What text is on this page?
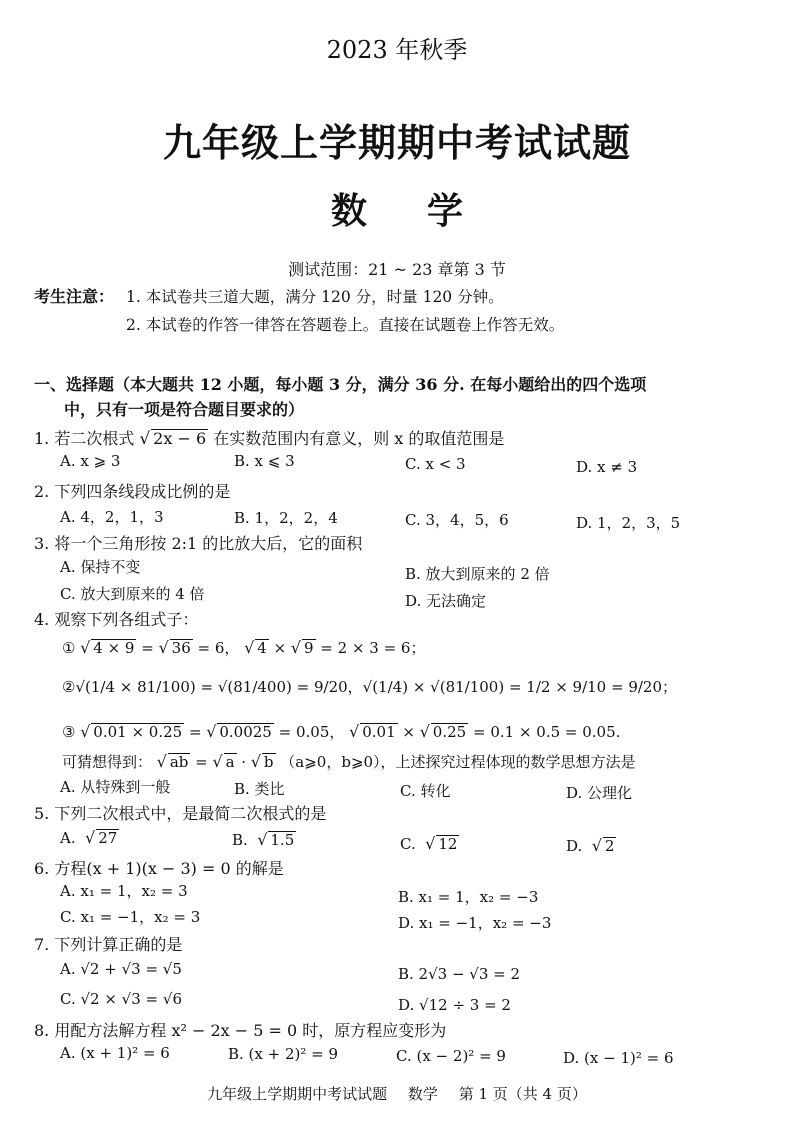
2023 年秋季
九年级上学期期中考试试题
数学
测试范围：21 ~ 23 章第 3 节
考生注意： 1. 本试卷共三道大题，满分 120 分，时量 120 分钟。
2. 本试卷的作答一律答在答题卷上。直接在试题卷上作答无效。
一、选择题（本大题共 12 小题，每小题 3 分，满分 36 分. 在每小题给出的四个选项
中，只有一项是符合题目要求的）
1. 若二次根式 √ 2x − 6 在实数范围内有意义，则 x 的取值范围是
A. x ⩾ 3	B. x ⩽ 3	C. x < 3	D. x ≠ 3
2. 下列四条线段成比例的是
A. 4，2，1，3	B. 1，2，2，4	C. 3，4，5，6	D. 1，2，3，5
3. 将一个三角形按 2:1 的比放大后，它的面积
A. 保持不变	B. 放大到原来的 2 倍
C. 放大到原来的 4 倍	D. 无法确定
4. 观察下列各组式子：
① √ 4 × 9 = √ 36 = 6， √ 4 × √ 9 = 2 × 3 = 6；
②√(1/4 × 81/100) = √(81/400) = 9/20，√(1/4) × √(81/100) = 1/2 × 9/10 = 9/20；
③ √ 0.01 × 0.25 = √ 0.0025 = 0.05， √ 0.01 × √ 0.25 = 0.1 × 0.5 = 0.05.
可猜想得到： √ ab = √ a · √ b （a⩾0，b⩾0），上述探究过程体现的数学思想方法是
A. 从特殊到一般	B. 类比	C. 转化	D. 公理化
5. 下列二次根式中，是最简二次根式的是
A. √ 27	B. √ 1.5	C. √ 12	D. √ 2
6. 方程(x + 1)(x − 3) = 0 的解是
A. x₁ = 1，x₂ = 3	B. x₁ = 1，x₂ = −3
C. x₁ = −1，x₂ = 3	D. x₁ = −1，x₂ = −3
7. 下列计算正确的是
A. √2 + √3 = √5	B. 2√3 − √3 = 2
C. √2 × √3 = √6	D. √12 ÷ 3 = 2
8. 用配方法解方程 x² − 2x − 5 = 0 时，原方程应变形为
A. (x + 1)² = 6	B. (x + 2)² = 9	C. (x − 2)² = 9	D. (x − 1)² = 6
九年级上学期期中考试试题 数学 第 1 页（共 4 页）
